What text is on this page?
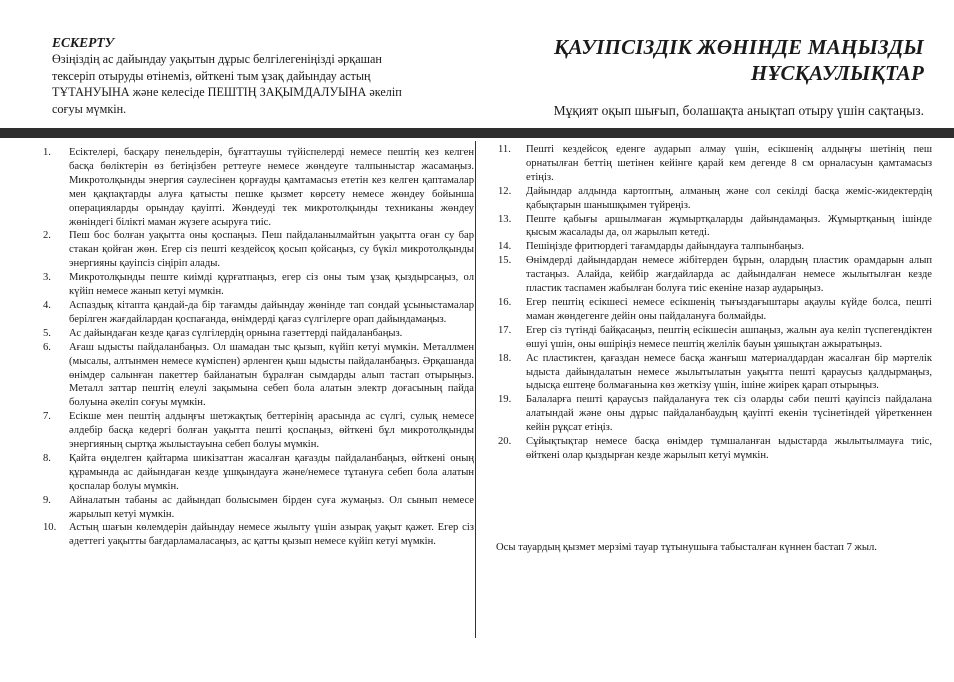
ЕСКЕРТУ
Өзіңіздің ас дайындау уақытын дұрыс белгілегеніңізді әрқашан тексеріп отыруды өтінеміз, өйткені тым ұзақ дайындау астың ТҰТАНУЫНА және келесіде ПЕШТІҢ ЗАҚЫМДАЛУЫНА әкеліп соғуы мүмкін.
ҚАУІПСІЗДІК ЖӨНІНДЕ МАҢЫЗДЫ
НҰСҚАУЛЫҚТАР
Мұқият оқып шығып, болашақта анықтап отыру үшін сақтаңыз.
1. Есіктелері, басқару пенельдерін, бұғаттаушы түйіспелерді немесе пештің кез келген басқа бөліктерін өз бетіңізбен реттеуге немесе жөндеуге талпыныстар жасамаңыз. Микротолқынды энергия сәулесінен қорғауды қамтамасыз ететін кез келген қаптамалар мен қақпақтарды алуға қатысты пешке қызмет көрсету немесе жөндеу бойынша операцияларды орындау қауіпті. Жөндеуді тек микротолқынды техниканы жөндеу жөніндегі білікті маман жүзеге асыруға тиіс.
2. Пеш бос болған уақытта оны қоспаңыз. Пеш пайдаланылмайтын уақытта оған су бар стакан қойған жөн. Егер сіз пешті кездейсоқ қосып қойсаңыз, су бүкіл микротолқынды энергияны қауіпсіз сіңіріп алады.
3. Микротолқынды пеште киімді құрғатпаңыз, егер сіз оны тым ұзақ қыздырсаңыз, ол күйіп немесе жанып кетуі мүмкін.
4. Аспаздық кітапта қандай-да бір тағамды дайындау жөнінде тап сондай ұсыныстамалар берілген жағдайлардан қоспағанда, өнімдерді қағаз сүлгілерге орап дайындамаңыз.
5. Ас дайындаған кезде қағаз сүлгілердің орнына газеттерді пайдаланбаңыз.
6. Ағаш ыдысты пайдаланбаңыз. Ол шамадан тыс қызып, күйіп кетуі мүмкін. Металлмен (мысалы, алтынмен немесе күміспен) әрленген қыш ыдысты пайдаланбаңыз. Әрқашанда өнімдер салынған пакеттер байланатын бұралған сымдарды алып тастап отырыңыз. Металл заттар пештің елеулі зақымына себеп бола алатын электр доғасының пайда болуына әкеліп соғуы мүмкін.
7. Есікше мен пештің алдыңғы шетжақтық беттерінің арасында ас сүлгі, сулық немесе әлдебір басқа кедергі болған уақытта пешті қоспаңыз, өйткені бұл микротолқынды энергияның сыртқа жылыстауына себеп болуы мүмкін.
8. Қайта өңделген қайтарма шикізаттан жасалған қағазды пайдаланбаңыз, өйткені оның құрамында ас дайындаған кезде ұшқындауға және/немесе тұтануға себеп бола алатын қоспалар болуы мүмкін.
9. Айналатын табаны ас дайындап болысымен бірден суға жумаңыз. Ол сынып немесе жарылып кетуі мүмкін.
10. Астың шағын көлемдерін дайындау немесе жылыту үшін азырақ уақыт қажет. Егер сіз әдеттегі уақытты бағдарламаласаңыз, ас қатты қызып немесе күйіп кетуі мүмкін.
11. Пешті кездейсоқ еденге аударып алмау үшін, есікшенің алдыңғы шетінің пеш орнатылған беттің шетінен кейінге қарай кем дегенде 8 см орналасуын қамтамасыз етіңіз.
12. Дайындар алдында картоптың, алманың және сол секілді басқа жеміс-жидектердің қабықтарын шанышқымен түйреңіз.
13. Пеште қабығы аршылмаған жұмыртқаларды дайындамаңыз. Жұмыртқаның ішінде қысым жасалады да, ол жарылып кетеді.
14. Пешіңізде фритюрдегі тағамдарды дайындауға талпынбаңыз.
15. Өнімдерді дайындардан немесе жібітерден бұрын, олардың пластик орамдарын алып тастаңыз. Алайда, кейбір жағдайларда ас дайындалған немесе жылытылған кезде пластик таспамен жабылған болуға тиіс екеніне назар аударыңыз.
16. Егер пештің есікшесі немесе есікшенің тығыздағыштары ақаулы күйде болса, пешті маман жөндегенге дейін оны пайдалануға болмайды.
17. Егер сіз түтінді байқасаңыз, пештің есікшесін ашпаңыз, жалын ауа келіп түспегендіктен өшуі үшін, оны өшіріңіз немесе пештің желілік бауын ұяшықтан ажыратыңыз.
18. Ас пластиктен, қағаздан немесе басқа жанғыш материалдардан жасалған бір мәртелік ыдыста дайындалатын немесе жылытылатын уақытта пешті қараусыз қалдырмаңыз, ыдысқа ештеңе болмағанына көз жеткізу үшін, ішіне жиірек қарап отырыңыз.
19. Балаларға пешті қараусыз пайдалануға тек сіз оларды сәби пешті қауіпсіз пайдалана алатындай және оны дұрыс пайдаланбаудың қауіпті екенін түсінетіндей үйреткеннен кейін рұқсат етіңіз.
20. Сұйықтықтар немесе басқа өнімдер тұмшаланған ыдыстарда жылытылмауға тиіс, өйткені олар қыздырған кезде жарылып кетуі мүмкін.
Осы тауардың қызмет мерзімі тауар тұтынушыға табысталған күннен бастап 7 жыл.
